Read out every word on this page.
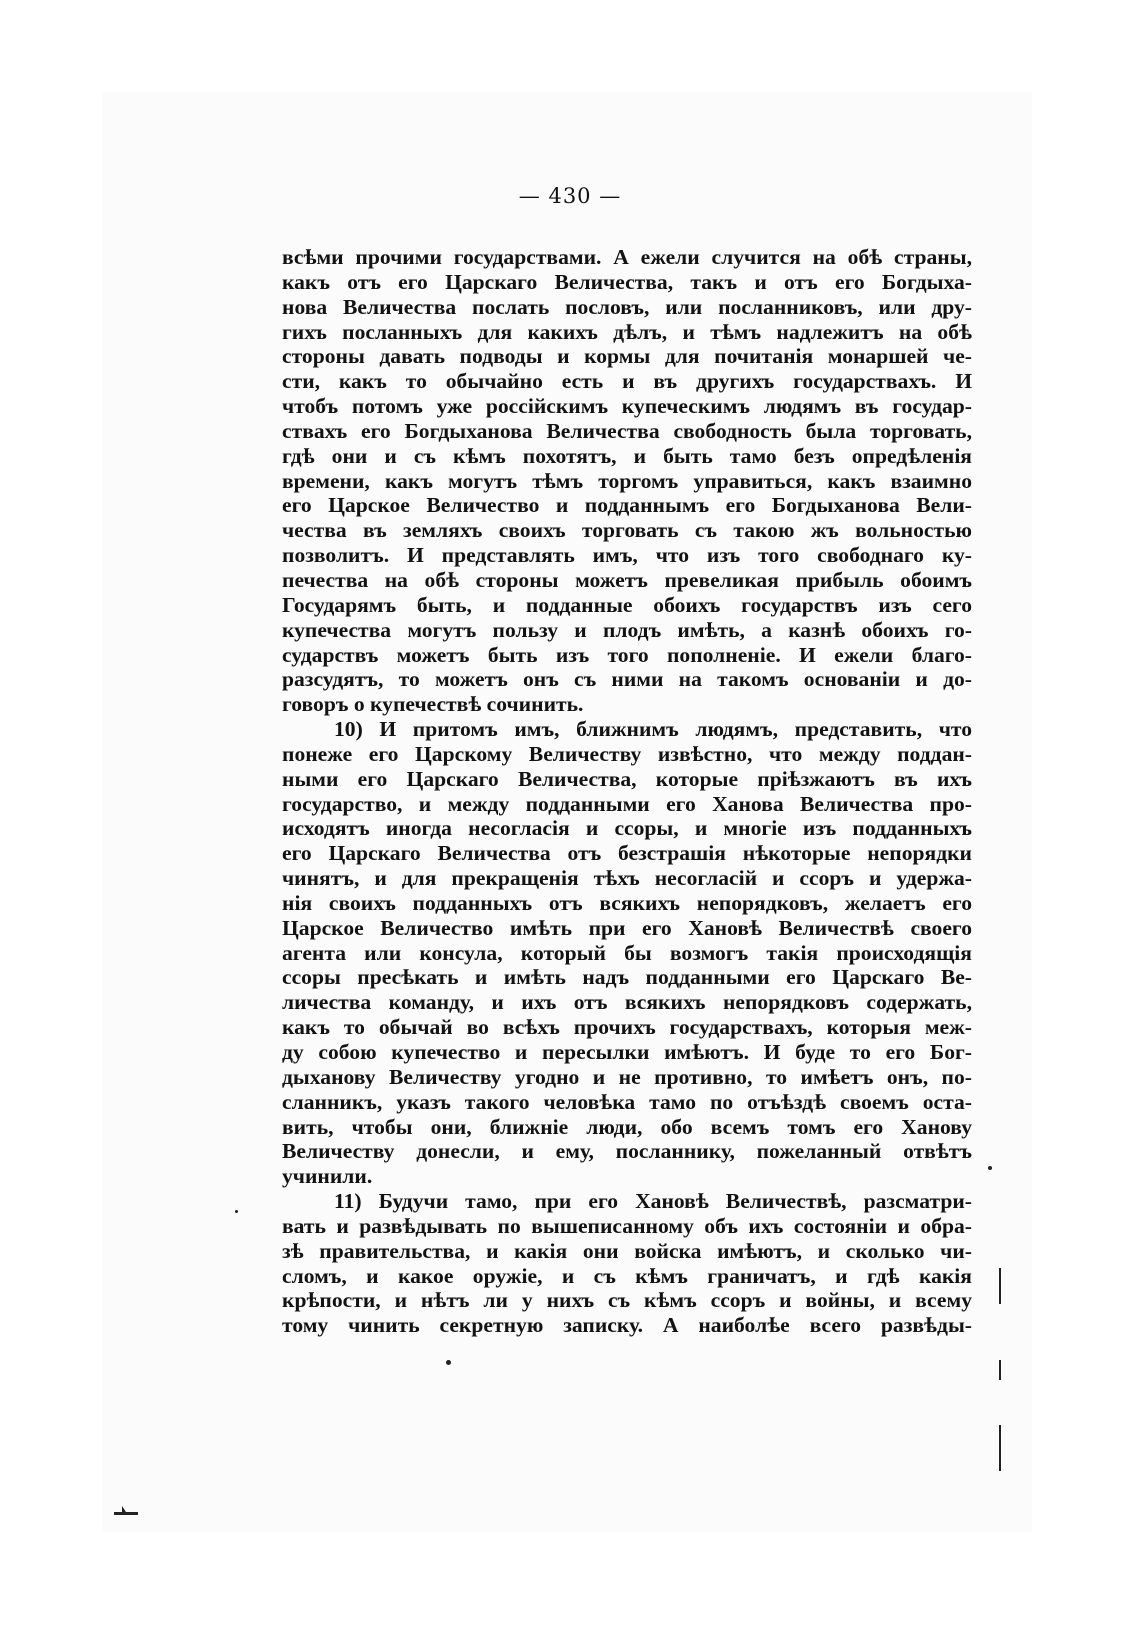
— 430 —
всѣми прочими государствами. А ежели случится на обѣ страны,
какъ отъ его Царскаго Величества, такъ и отъ его Богдыха-
нова Величества послать пословъ, или посланниковъ, или дру-
гихъ посланныхъ для какихъ дѣлъ, и тѣмъ надлежитъ на обѣ
стороны давать подводы и кормы для почитанія монаршей че-
сти, какъ то обычайно есть и въ другихъ государствахъ. И
чтобъ потомъ уже россійскимъ купеческимъ людямъ въ государ-
ствахъ его Богдыханова Величества свободность была торговать,
гдѣ они и съ кѣмъ похотятъ, и быть тамо безъ опредѣленія
времени, какъ могутъ тѣмъ торгомъ управиться, какъ взаимно
его Царское Величество и подданнымъ его Богдыханова Вели-
чества въ земляхъ своихъ торговать съ такою жъ вольностью
позволитъ. И представлять имъ, что изъ того свободнаго ку-
печества на обѣ стороны можетъ превеликая прибыль обоимъ
Государямъ быть, и подданные обоихъ государствъ изъ сего
купечества могутъ пользу и плодъ имѣть, а казнѣ обоихъ го-
сударствъ можетъ быть изъ того пополненіе. И ежели благо-
разсудятъ, то можетъ онъ съ ними на такомъ основаніи и до-
говоръ о купечествѣ сочинить.
10) И притомъ имъ, ближнимъ людямъ, представить, что
понеже его Царскому Величеству извѣстно, что между поддан-
ными его Царскаго Величества, которые пріѣзжаютъ въ ихъ
государство, и между подданными его Ханова Величества про-
исходятъ иногда несогласія и ссоры, и многіе изъ подданныхъ
его Царскаго Величества отъ безстрашія нѣкоторые непорядки
чинятъ, и для прекращенія тѣхъ несогласій и ссоръ и удержа-
нія своихъ подданныхъ отъ всякихъ непорядковъ, желаетъ его
Царское Величество имѣть при его Хановѣ Величествѣ своего
агента или консула, который бы возмогъ такія происходящія
ссоры пресѣкать и имѣть надъ подданными его Царскаго Ве-
личества команду, и ихъ отъ всякихъ непорядковъ содержать,
какъ то обычай во всѣхъ прочихъ государствахъ, которыя меж-
ду собою купечество и пересылки имѣютъ. И буде то его Бог-
дыханову Величеству угодно и не противно, то имѣетъ онъ, по-
сланникъ, указъ такого человѣка тамо по отъѣздѣ своемъ оста-
вить, чтобы они, ближніе люди, обо всемъ томъ его Ханову
Величеству донесли, и ему, посланнику, пожеланный отвѣтъ
учинили.
11) Будучи тамо, при его Хановѣ Величествѣ, разсматри-
вать и развѣдывать по вышеписанному объ ихъ состояніи и обра-
зѣ правительства, и какія они войска имѣютъ, и сколько чи-
сломъ, и какое оружіе, и съ кѣмъ граничатъ, и гдѣ какія
крѣпости, и нѣтъ ли у нихъ съ кѣмъ ссоръ и войны, и всему
тому чинить секретную записку. А наиболѣе всего развѣды-
